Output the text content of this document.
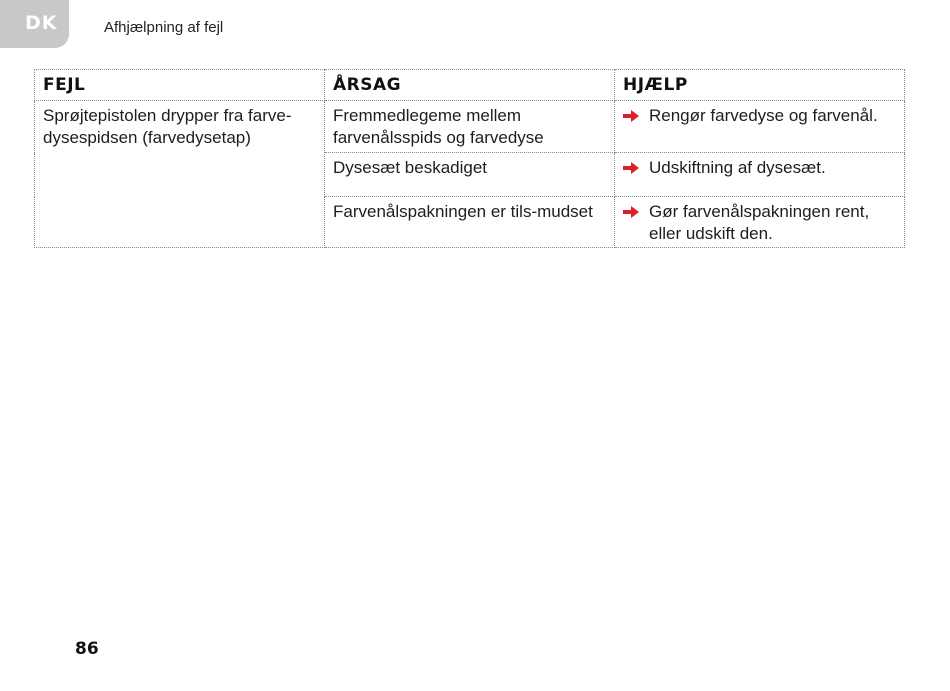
DK	Afhjælpning af fejl
FEJL	ÅRSAG	HJÆLP
Sprøjtepistolen drypper fra farve-dysespidsen (farvedysetap)	Fremmedlegeme mellem farvenålsspids og farvedyse	Rengør farvedyse og farvenål.

	Dysesæt beskadiget	Udskiftning af dysesæt.

	Farvenålspakningen er tils-mudset	Gør farvenålspakningen rent, eller udskift den.
86
